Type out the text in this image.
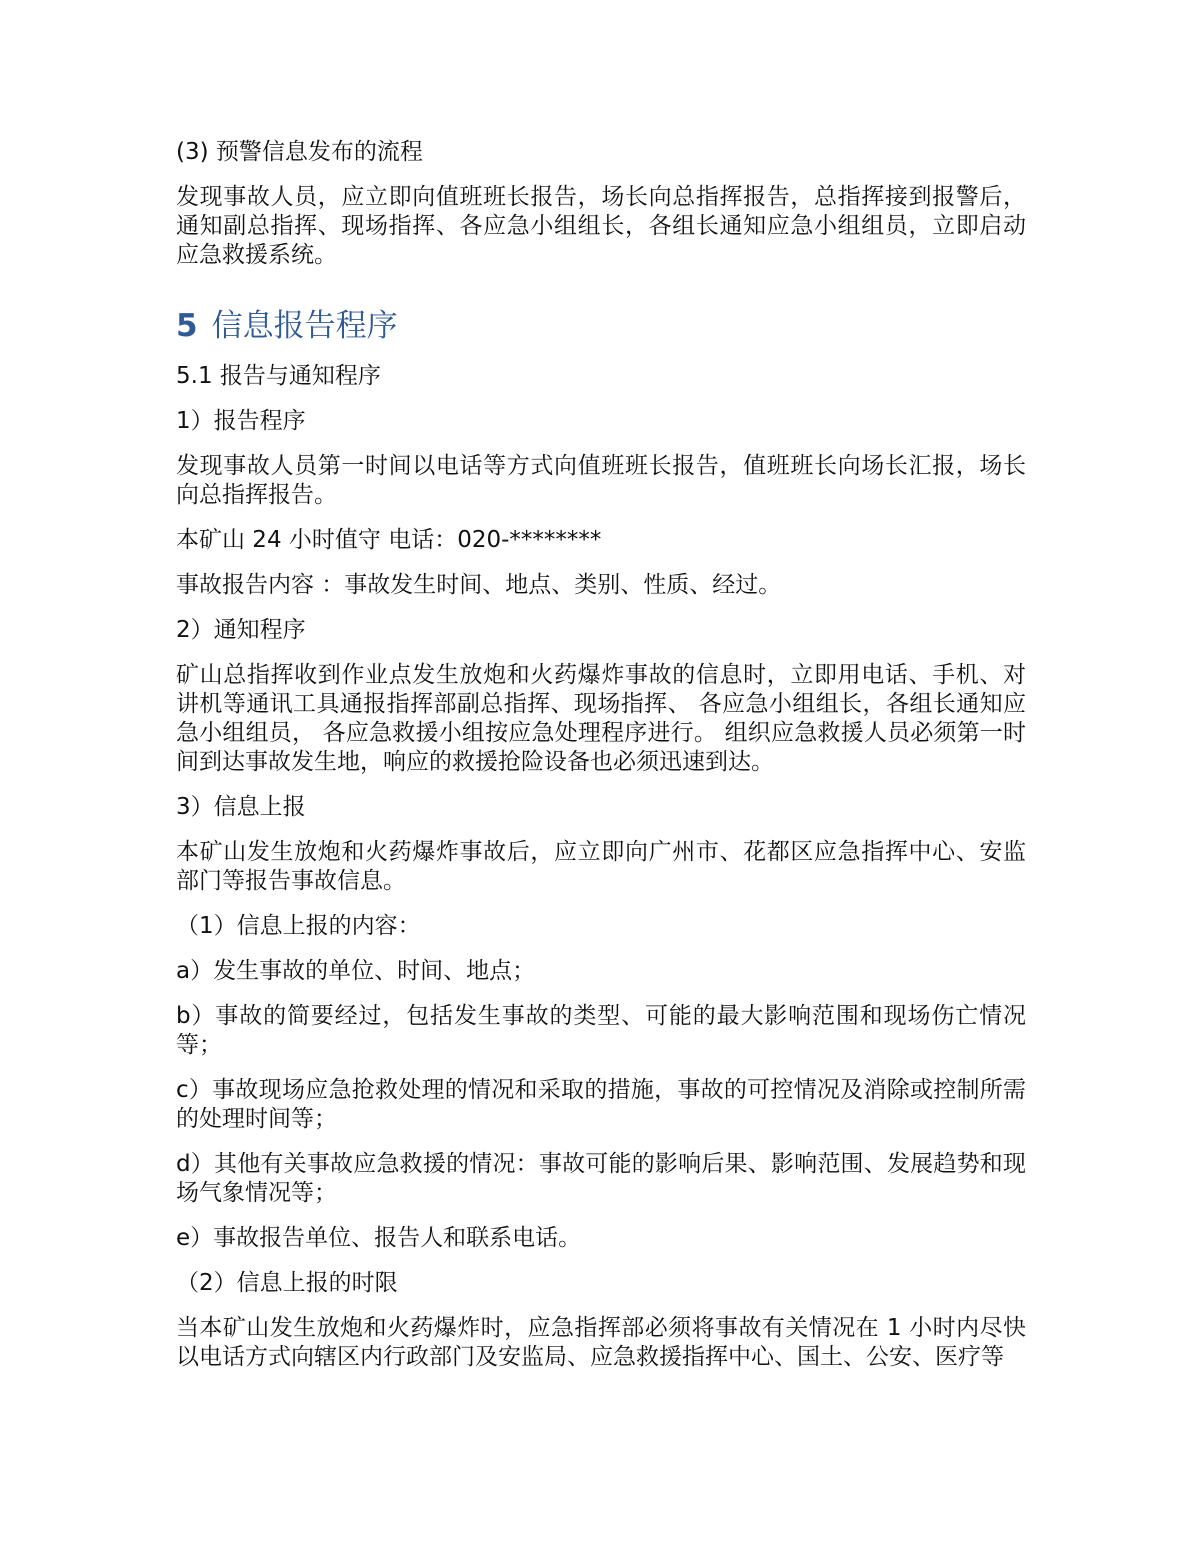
(3) 预警信息发布的流程

发现事故人员，应立即向值班班长报告，场长向总指挥报告，总指挥接到报警后，通知副总指挥、现场指挥、各应急小组组长，各组长通知应急小组组员，立即启动应急救援系统。

5 信息报告程序

5.1 报告与通知程序

1）报告程序

发现事故人员第一时间以电话等方式向值班班长报告，值班班长向场长汇报，场长向总指挥报告。

本矿山 24 小时值守 电话：020-********

事故报告内容 ：事故发生时间、地点、类别、性质、经过。

2）通知程序

矿山总指挥收到作业点发生放炮和火药爆炸事故的信息时，立即用电话、手机、对讲机等通讯工具通报指挥部副总指挥、现场指挥、 各应急小组组长，各组长通知应急小组组员， 各应急救援小组按应急处理程序进行。 组织应急救援人员必须第一时间到达事故发生地，响应的救援抢险设备也必须迅速到达。

3）信息上报

本矿山发生放炮和火药爆炸事故后，应立即向广州市、花都区应急指挥中心、安监部门等报告事故信息。

（1）信息上报的内容：

a）发生事故的单位、时间、地点；

b）事故的简要经过，包括发生事故的类型、可能的最大影响范围和现场伤亡情况等；

c）事故现场应急抢救处理的情况和采取的措施，事故的可控情况及消除或控制所需的处理时间等；

d）其他有关事故应急救援的情况：事故可能的影响后果、影响范围、发展趋势和现场气象情况等；

e）事故报告单位、报告人和联系电话。

（2）信息上报的时限

当本矿山发生放炮和火药爆炸时，应急指挥部必须将事故有关情况在 1 小时内尽快以电话方式向辖区内行政部门及安监局、应急救援指挥中心、国土、公安、医疗等
